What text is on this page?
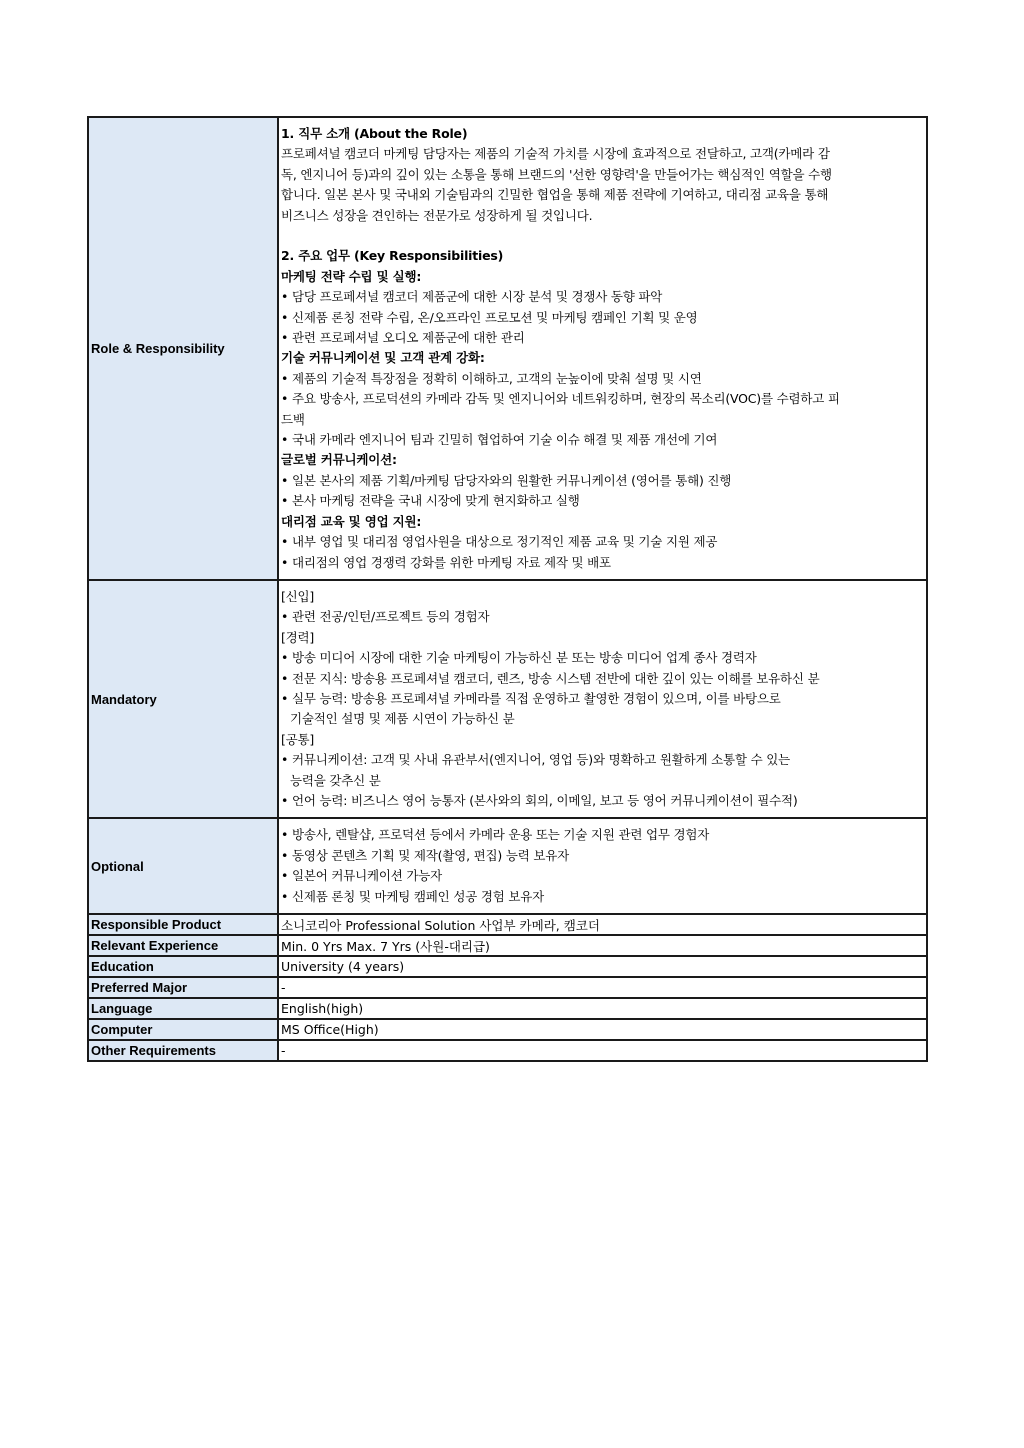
Role & Responsibility	
1. 직무 소개 (About the Role)
프로페셔널 캠코더 마케팅 담당자는 제품의 기술적 가치를 시장에 효과적으로 전달하고, 고객(카메라 감
독, 엔지니어 등)과의 깊이 있는 소통을 통해 브랜드의 '선한 영향력'을 만들어가는 핵심적인 역할을 수행
합니다. 일본 본사 및 국내외 기술팀과의 긴밀한 협업을 통해 제품 전략에 기여하고, 대리점 교육을 통해
비즈니스 성장을 견인하는 전문가로 성장하게 될 것입니다.
2. 주요 업무 (Key Responsibilities)
마케팅 전략 수립 및 실행:
• 담당 프로페셔널 캠코더 제품군에 대한 시장 분석 및 경쟁사 동향 파악
• 신제품 론칭 전략 수립, 온/오프라인 프로모션 및 마케팅 캠페인 기획 및 운영
• 관련 프로페셔널 오디오 제품군에 대한 관리
기술 커뮤니케이션 및 고객 관계 강화:
• 제품의 기술적 특장점을 정확히 이해하고, 고객의 눈높이에 맞춰 설명 및 시연
• 주요 방송사, 프로덕션의 카메라 감독 및 엔지니어와 네트워킹하며, 현장의 목소리(VOC)를 수렴하고 피
드백
• 국내 카메라 엔지니어 팀과 긴밀히 협업하여 기술 이슈 해결 및 제품 개선에 기여
글로벌 커뮤니케이션:
• 일본 본사의 제품 기획/마케팅 담당자와의 원활한 커뮤니케이션 (영어를 통해) 진행
• 본사 마케팅 전략을 국내 시장에 맞게 현지화하고 실행
대리점 교육 및 영업 지원:
• 내부 영업 및 대리점 영업사원을 대상으로 정기적인 제품 교육 및 기술 지원 제공
• 대리점의 영업 경쟁력 강화를 위한 마케팅 자료 제작 및 배포

Mandatory	
[신입]
• 관련 전공/인턴/프로젝트 등의 경험자
[경력]
• 방송 미디어 시장에 대한 기술 마케팅이 가능하신 분 또는 방송 미디어 업계 종사 경력자
• 전문 지식: 방송용 프로페셔널 캠코더, 렌즈, 방송 시스템 전반에 대한 깊이 있는 이해를 보유하신 분
• 실무 능력: 방송용 프로페셔널 카메라를 직접 운영하고 촬영한 경험이 있으며, 이를 바탕으로
기술적인 설명 및 제품 시연이 가능하신 분
[공통]
• 커뮤니케이션: 고객 및 사내 유관부서(엔지니어, 영업 등)와 명확하고 원활하게 소통할 수 있는
능력을 갖추신 분
• 언어 능력: 비즈니스 영어 능통자 (본사와의 회의, 이메일, 보고 등 영어 커뮤니케이션이 필수적)

Optional	• 방송사, 렌탈샵, 프로덕션 등에서 카메라 운용 또는 기술 지원 관련 업무 경험자
• 동영상 콘텐츠 기획 및 제작(촬영, 편집) 능력 보유자
• 일본어 커뮤니케이션 가능자
• 신제품 론칭 및 마케팅 캠페인 성공 경험 보유자

Responsible Product	소니코리아 Professional Solution 사업부 카메라, 캠코더
Relevant Experience	Min. 0 Yrs Max. 7 Yrs (사원-대리급)
Education	University (4 years)
Preferred Major	-
Language	English(high)
Computer	MS Office(High)
Other Requirements	-
